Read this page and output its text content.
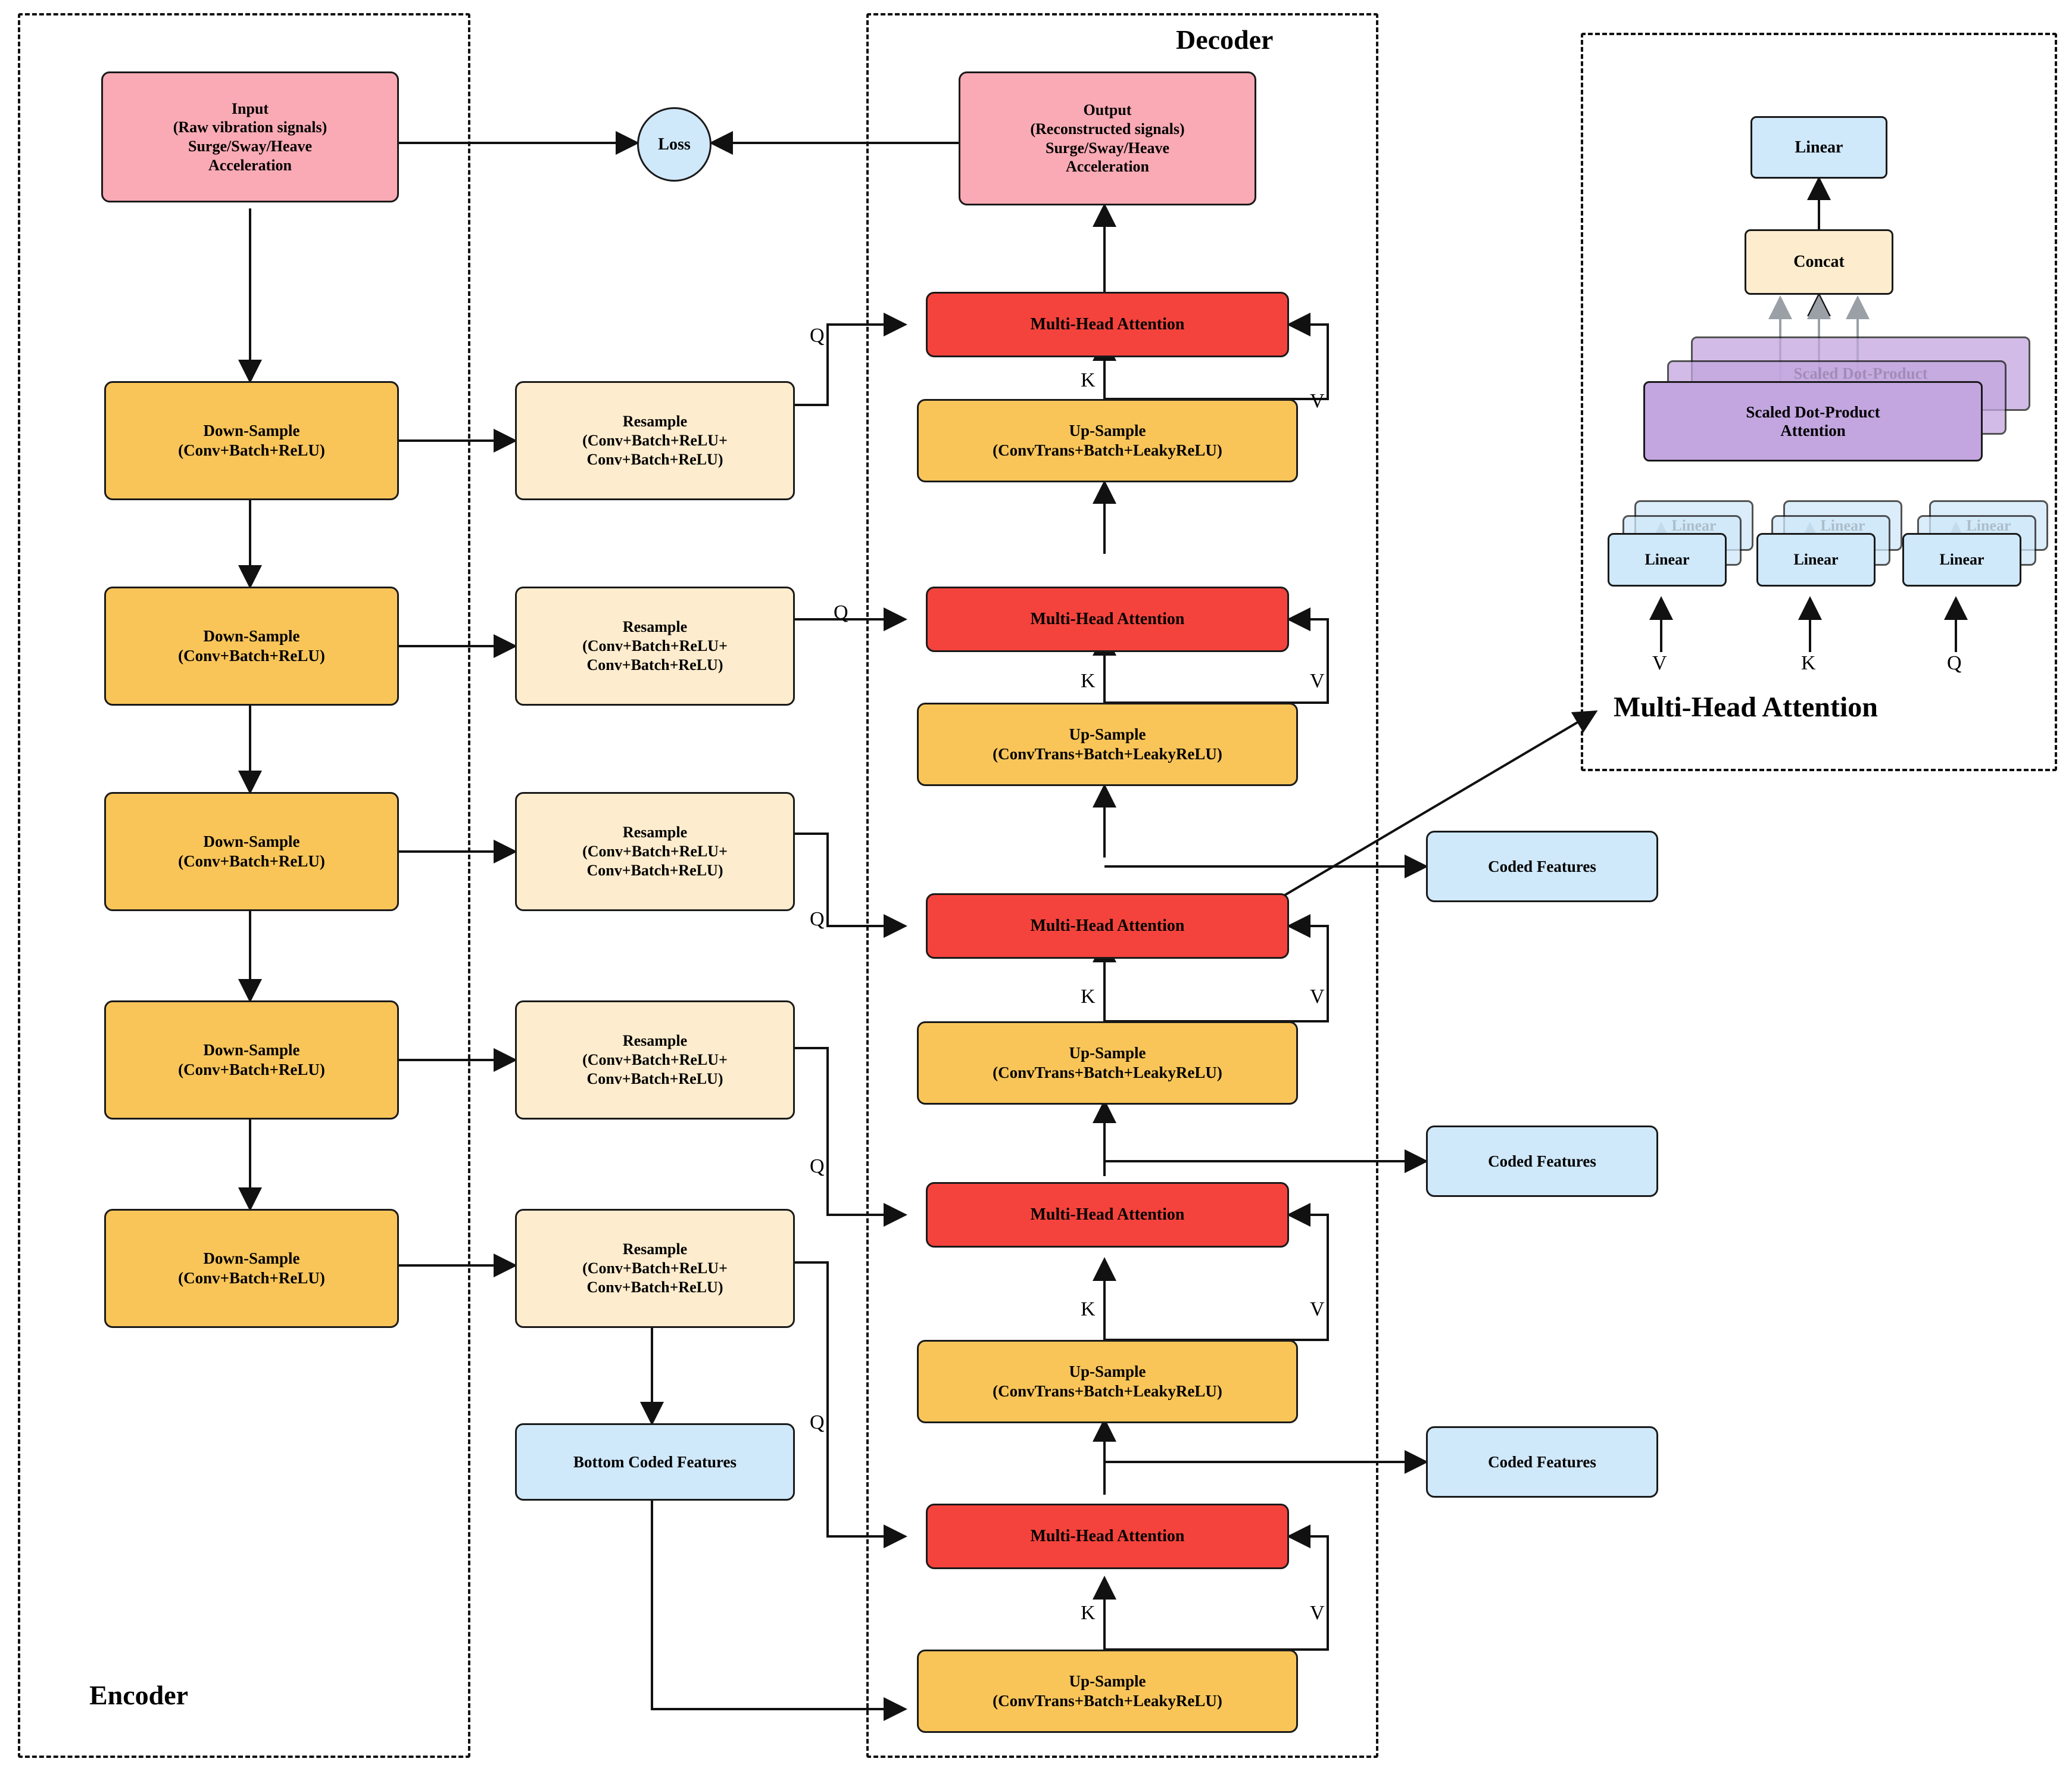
Encoder
Decoder
Multi-Head Attention
Input
(Raw vibration signals)
Surge/Sway/Heave
Acceleration
Down-Sample
(Conv+Batch+ReLU)
Down-Sample
(Conv+Batch+ReLU)
Down-Sample
(Conv+Batch+ReLU)
Down-Sample
(Conv+Batch+ReLU)
Down-Sample
(Conv+Batch+ReLU)
Resample
(Conv+Batch+ReLU+
Conv+Batch+ReLU)
Resample
(Conv+Batch+ReLU+
Conv+Batch+ReLU)
Resample
(Conv+Batch+ReLU+
Conv+Batch+ReLU)
Resample
(Conv+Batch+ReLU+
Conv+Batch+ReLU)
Resample
(Conv+Batch+ReLU+
Conv+Batch+ReLU)
Bottom Coded Features
Loss
Output
(Reconstructed signals)
Surge/Sway/Heave
Acceleration
Multi-Head Attention
Up-Sample
(ConvTrans+Batch+LeakyReLU)
Multi-Head Attention
Up-Sample
(ConvTrans+Batch+LeakyReLU)
Multi-Head Attention
Up-Sample
(ConvTrans+Batch+LeakyReLU)
Multi-Head Attention
Up-Sample
(ConvTrans+Batch+LeakyReLU)
Multi-Head Attention
Up-Sample
(ConvTrans+Batch+LeakyReLU)
Coded Features
Coded Features
Coded Features
Q
Q
Q
Q
Q
K
K
K
K
K
V
V
V
V
V
Linear
Concat
Scaled Dot-Product
Attention
Linear	Linear	Linear
V	K	Q
